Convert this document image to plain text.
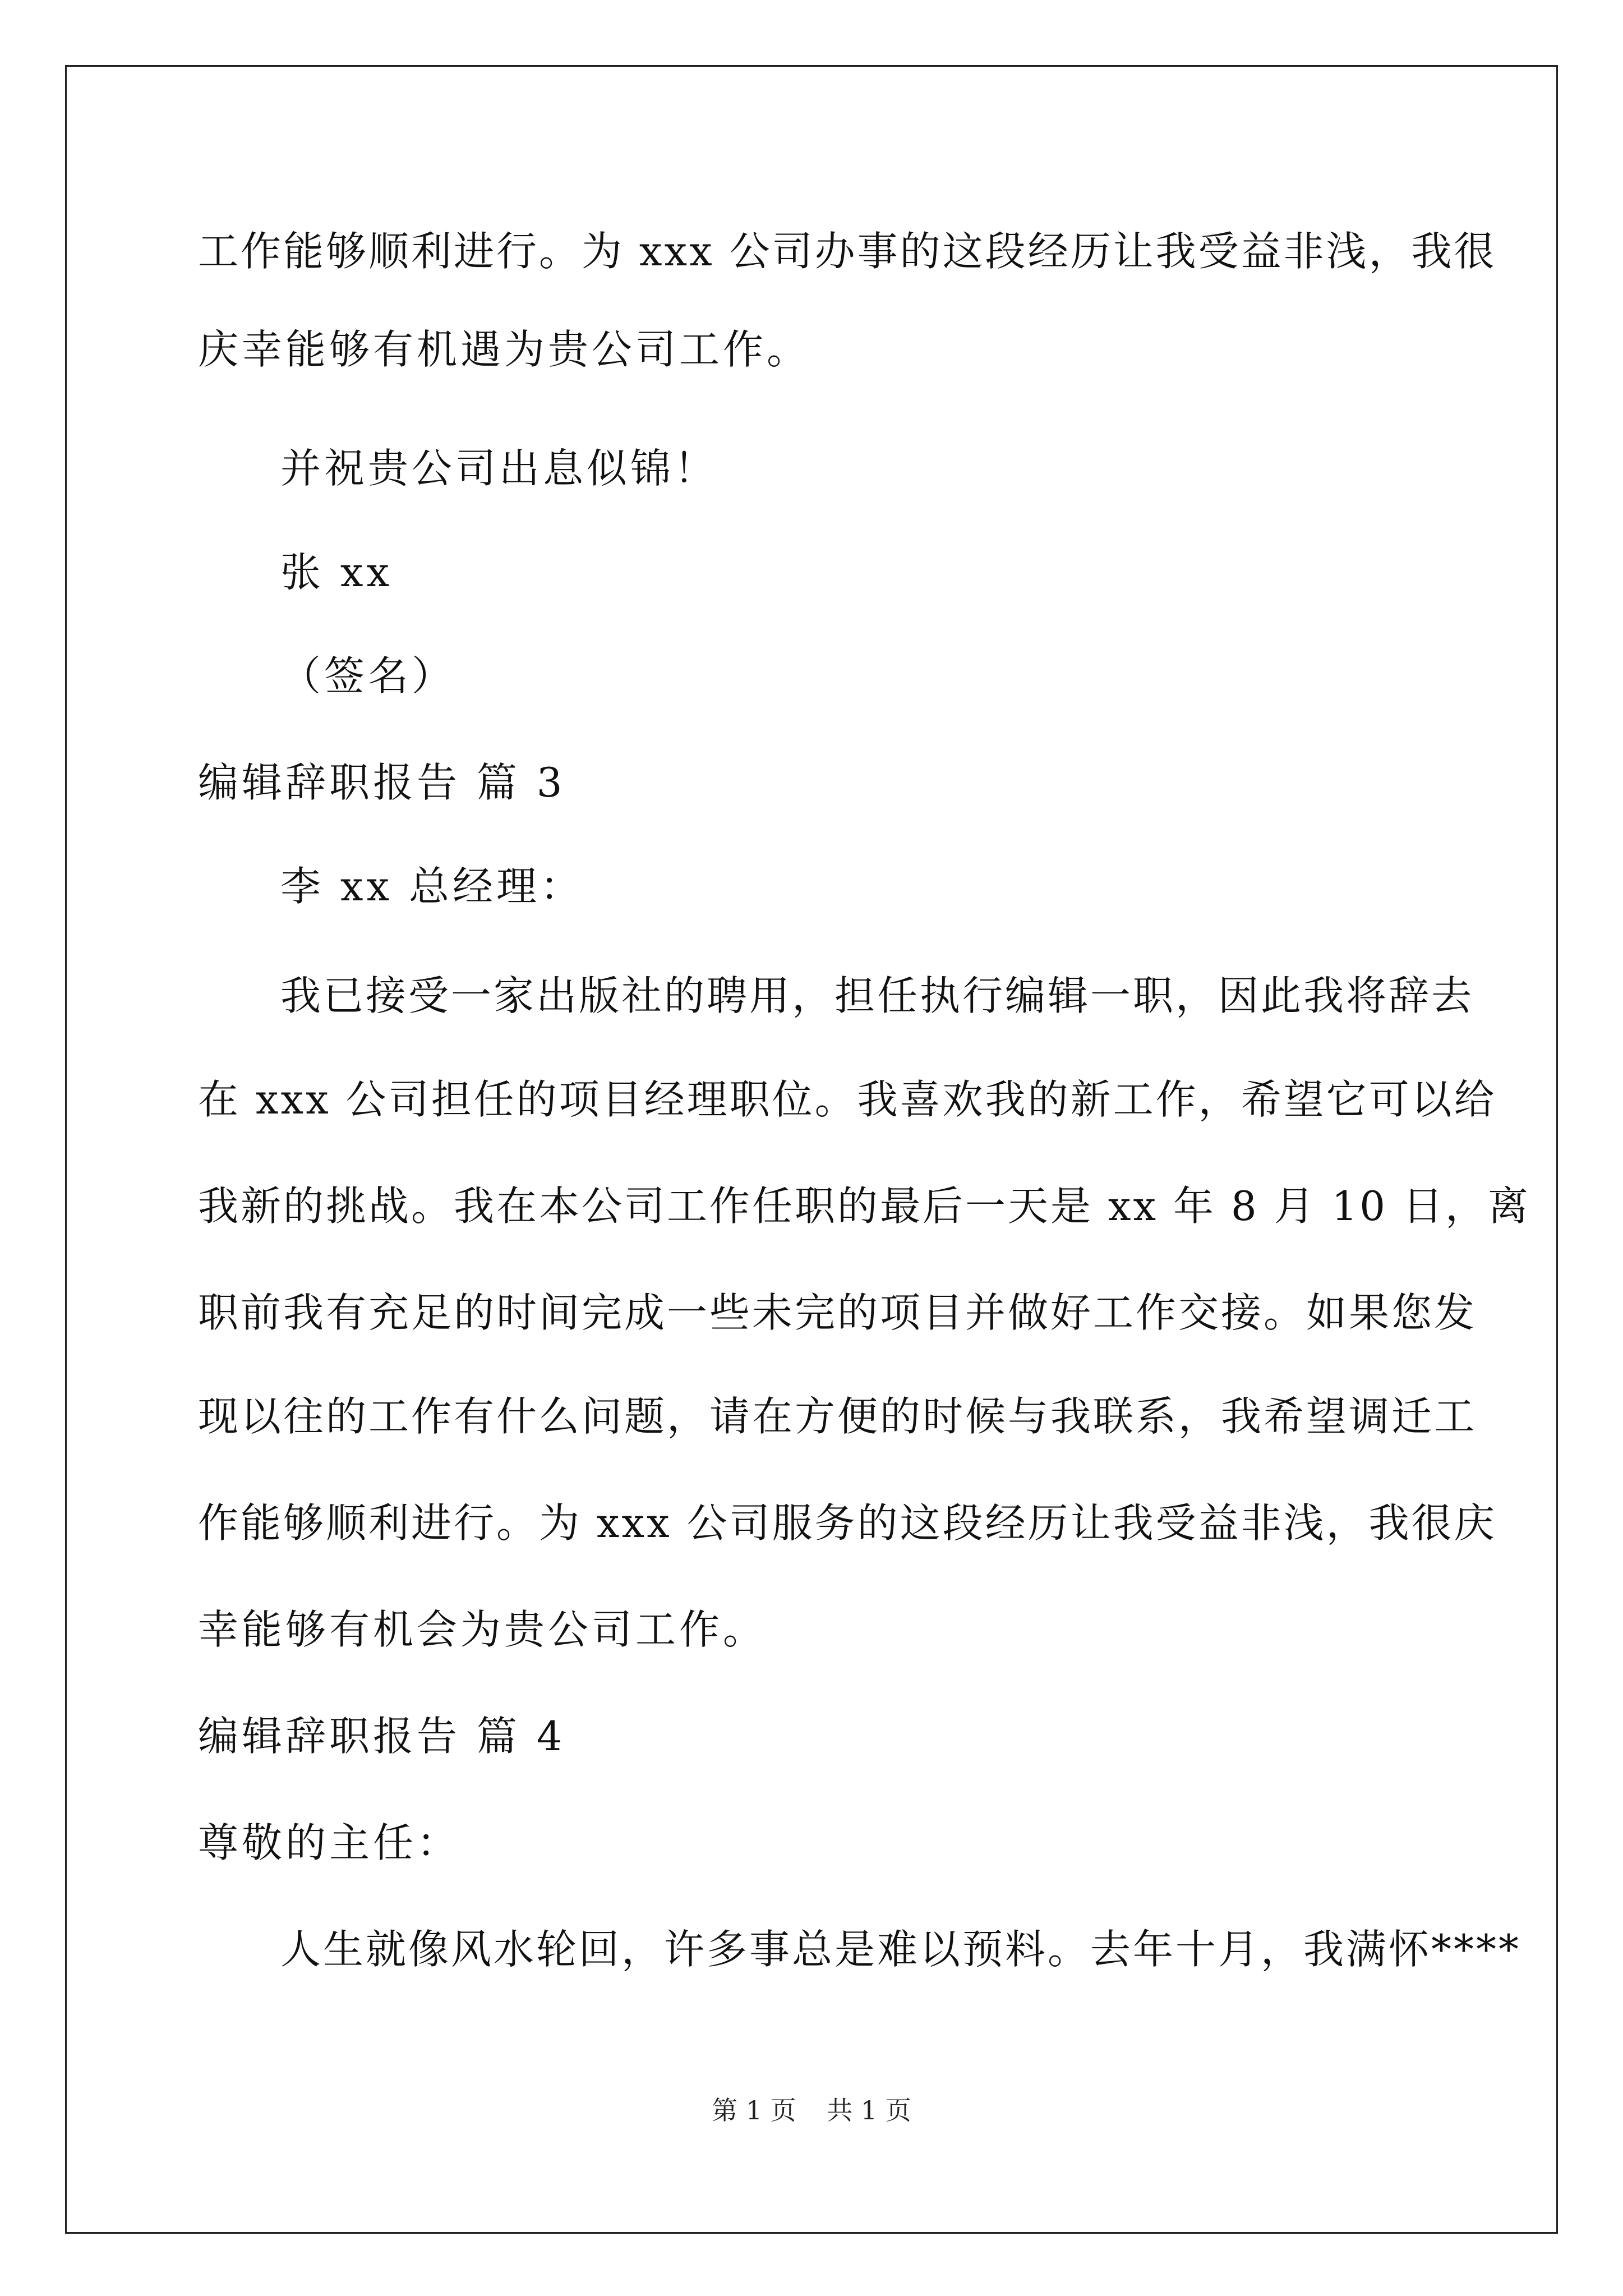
工作能够顺利进行。为 xxx 公司办事的这段经历让我受益非浅，我很
庆幸能够有机遇为贵公司工作。
并祝贵公司出息似锦！
张 xx
（签名）
编辑辞职报告 篇 3
李 xx 总经理：
我已接受一家出版社的聘用，担任执行编辑一职，因此我将辞去
在 xxx 公司担任的项目经理职位。我喜欢我的新工作，希望它可以给
我新的挑战。我在本公司工作任职的最后一天是 xx 年 8 月 10 日，离
职前我有充足的时间完成一些未完的项目并做好工作交接。如果您发
现以往的工作有什么问题，请在方便的时候与我联系，我希望调迁工
作能够顺利进行。为 xxx 公司服务的这段经历让我受益非浅，我很庆
幸能够有机会为贵公司工作。
编辑辞职报告 篇 4
尊敬的主任：
人生就像风水轮回，许多事总是难以预料。去年十月，我满怀****
第 1 页 共 1 页
